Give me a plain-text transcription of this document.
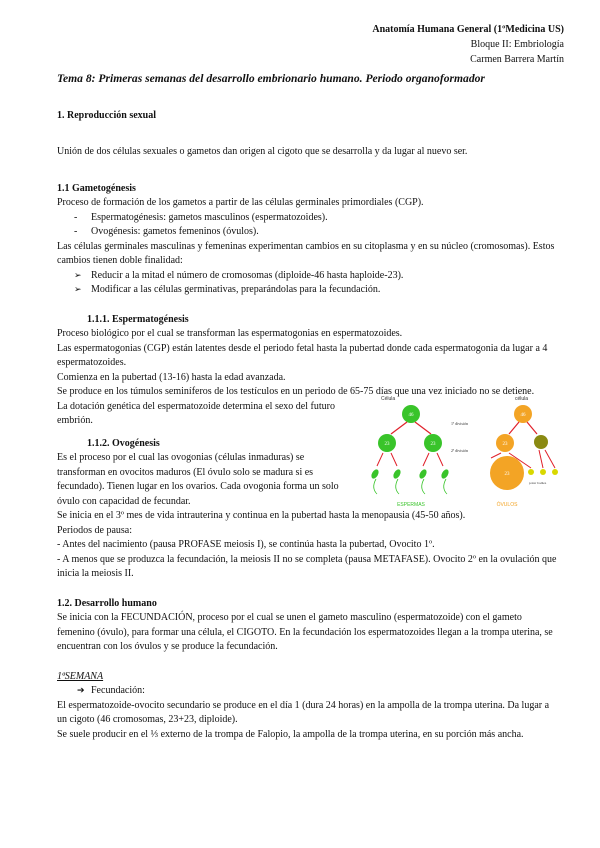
Anatomía Humana General (1ºMedicina US)
Bloque II: Embriología
Carmen Barrera Martín
Tema 8: Primeras semanas del desarrollo embrionario humano. Periodo organoformador
1. Reproducción sexual

Unión de dos células sexuales o gametos dan origen al cigoto que se desarrolla y da lugar al nuevo ser.

1.1 Gametogénesis

Proceso de formación de los gametos a partir de las células germinales primordiales (CGP).

- Espermatogénesis: gametos masculinos (espermatozoides).
- Ovogénesis: gametos femeninos (óvulos).

Las células germinales masculinas y femeninas experimentan cambios en su citoplasma y en su núcleo (cromosomas). Estos cambios tienen doble finalidad:

➢ Reducir a la mitad el número de cromosomas (diploide-46 hasta haploide-23).
➢ Modificar a las células germinativas, preparándolas para la fecundación.
1.1.1. Espermatogénesis

Proceso biológico por el cual se transforman las espermatogonias en espermatozoides.

Las espermatogonias (CGP) están latentes desde el periodo fetal hasta la pubertad donde cada espermatogonia da lugar a 4 espermatozoides.

Comienza en la pubertad (13-16) hasta la edad avanzada.

Se produce en los túmulos seminíferos de los testículos en un periodo de 65-75 días que una vez iniciado no se detiene.

La dotación genética del espermatozoide determina el sexo del futuro embrión.

1.1.2. Ovogénesis

Es el proceso por el cual las ovogonias (células inmaduras) se transforman en ovocitos maduros (El óvulo solo se madura si es fecundado). Tienen lugar en los ovarios. Cada ovogonia forma un solo óvulo con capacidad de fecundar.

Se inicia en el 3º mes de vida intrauterina y continua en la pubertad hasta la menopausia (45-50 años).

Periodos de pausa:

- Antes del nacimiento (pausa PROFASE meiosis I), se continúa hasta la pubertad, Ovocito 1º.

- A menos que se produzca la fecundación, la meiosis II no se completa (pausa METAFASE). Ovocito 2º en la ovulación que inicia la meiosis II.

1.2. Desarrollo humano

Se inicia con la FECUNDACIÓN, proceso por el cual se unen el gameto masculino (espermatozoide) con el gameto femenino (óvulo), para formar una célula, el CIGOTO. En la fecundación los espermatozoides llegan a la trompa uterina, se encuentran con los óvulos y se produce la fecundación.

1ªSEMANA

➔ Fecundación:

El espermatozoide-ovocito secundario se produce en el día 1 (dura 24 horas) en la ampolla de la trompa uterina. Da lugar a un cigoto (46 cromosomas, 23+23, diploide).

Se suele producir en el ⅓ externo de la trompa de Falopio, la ampolla de la trompa uterina, en su porción más ancha.

Célula
46
23	23
1ª división
2ª división
ESPERMAS
célula
46
23
23
polar bodies
ÓVULOS
